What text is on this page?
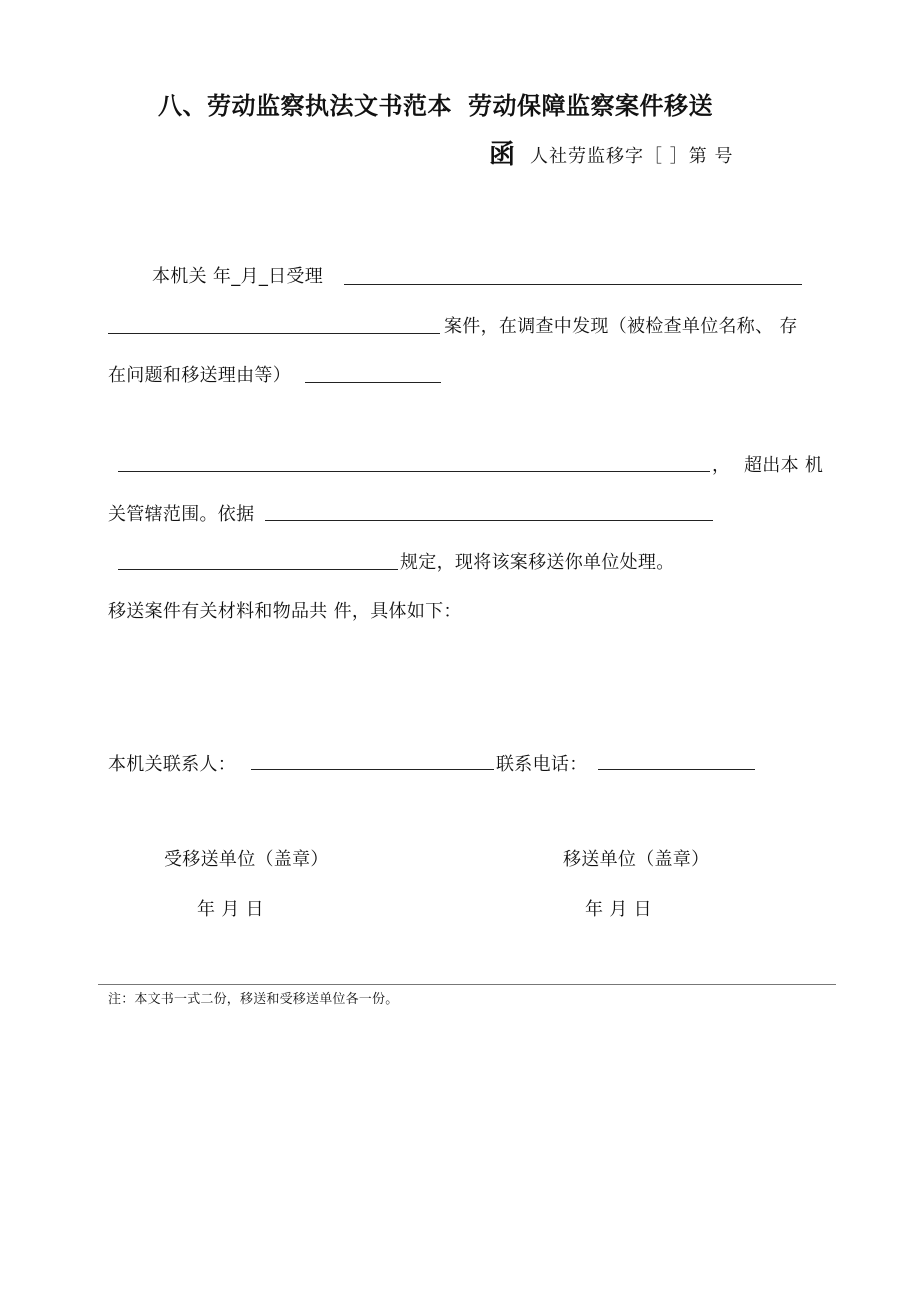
八、劳动监察执法文书范本 劳动保障监察案件移送
函 人社劳监移字［ ］第 号
本机关 年_月_日受理
案件，在调查中发现（被检查单位名称、 存
在问题和移送理由等）
， 超出本 机
关管辖范围。依据
规定，现将该案移送你单位处理。
移送案件有关材料和物品共 件，具体如下：
本机关联系人：	联系电话：
受移送单位（盖章）	移送单位（盖章）
年 月 日	年 月 日
注：本文书一式二份，移送和受移送单位各一份。
